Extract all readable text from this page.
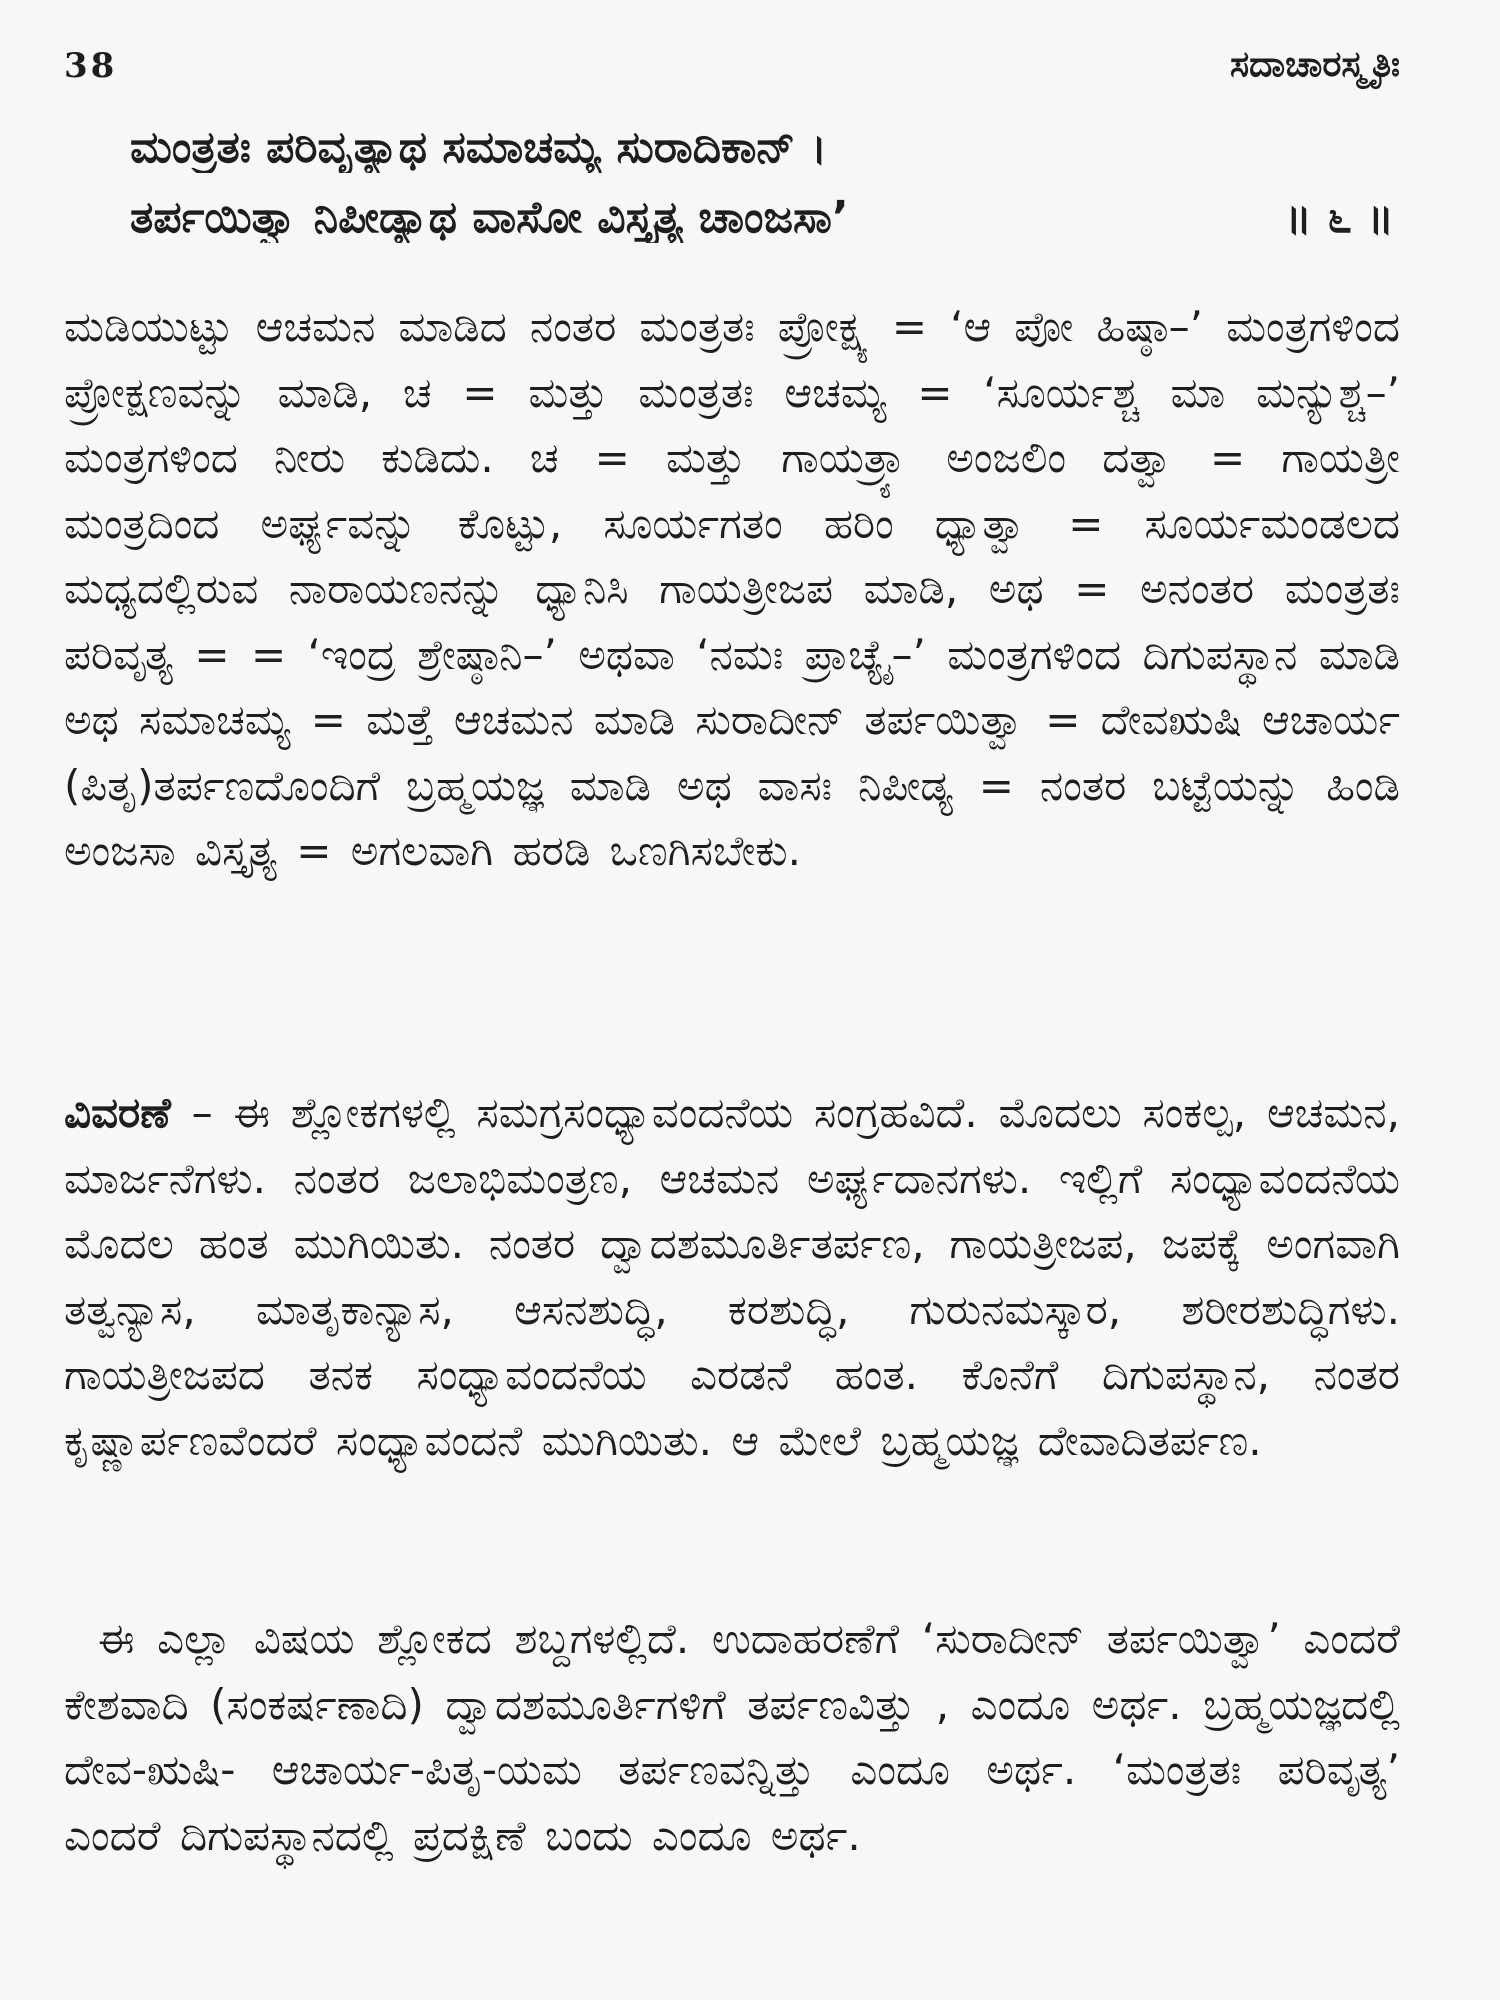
38	ಸದಾಚಾರಸ್ಮೃತಿಃ
ಮಂತ್ರತಃ ಪರಿವೃತ್ಯಾಥ ಸಮಾಚಮ್ಯ ಸುರಾದಿಕಾನ್ ।
ತರ್ಪಯಿತ್ವಾ ನಿಪೀಡ್ಯಾಥ ವಾಸೋ ವಿಸ್ತೃತ್ಯ ಚಾಂಜಸಾ’	॥ ೬ ॥
ಮಡಿಯುಟ್ಟು ಆಚಮನ ಮಾಡಿದ ನಂತರ ಮಂತ್ರತಃ ಪ್ರೋಕ್ಷ್ಯ = ‘ಆ ಪೋ ಹಿಷ್ಠಾ–’ ಮಂತ್ರಗಳಿಂದ ಪ್ರೋಕ್ಷಣವನ್ನು ಮಾಡಿ, ಚ = ಮತ್ತು ಮಂತ್ರತಃ ಆಚಮ್ಯ = ‘ಸೂರ್ಯಶ್ಚ ಮಾ ಮನ್ಯುಶ್ಚ–’ ಮಂತ್ರಗಳಿಂದ ನೀರು ಕುಡಿದು. ಚ = ಮತ್ತು ಗಾಯತ್ರ್ಯಾ ಅಂಜಲಿಂ ದತ್ವಾ = ಗಾಯತ್ರೀ ಮಂತ್ರದಿಂದ ಅರ್ಘ್ಯವನ್ನು ಕೊಟ್ಟು, ಸೂರ್ಯಗತಂ ಹರಿಂ ಧ್ಯಾತ್ವಾ = ಸೂರ್ಯಮಂಡಲದ ಮಧ್ಯದಲ್ಲಿರುವ ನಾರಾಯಣನನ್ನು ಧ್ಯಾನಿಸಿ ಗಾಯತ್ರೀಜಪ ಮಾಡಿ, ಅಥ = ಅನಂತರ ಮಂತ್ರತಃ ಪರಿವೃತ್ಯ = = ‘ಇಂದ್ರ ಶ್ರೇಷ್ಠಾನಿ–’ ಅಥವಾ ‘ನಮಃ ಪ್ರಾಚ್ಯೈ–’ ಮಂತ್ರಗಳಿಂದ ದಿಗುಪಸ್ಥಾನ ಮಾಡಿ ಅಥ ಸಮಾಚಮ್ಯ = ಮತ್ತೆ ಆಚಮನ ಮಾಡಿ ಸುರಾದೀನ್ ತರ್ಪಯಿತ್ವಾ = ದೇವಋಷಿ ಆಚಾರ್ಯ (ಪಿತೃ)ತರ್ಪಣದೊಂದಿಗೆ ಬ್ರಹ್ಮಯಜ್ಞ ಮಾಡಿ ಅಥ ವಾಸಃ ನಿಪೀಡ್ಯ = ನಂತರ ಬಟ್ಟೆಯನ್ನು ಹಿಂಡಿ ಅಂಜಸಾ ವಿಸ್ತೃತ್ಯ = ಅಗಲವಾಗಿ ಹರಡಿ ಒಣಗಿಸಬೇಕು.
ವಿವರಣೆ – ಈ ಶ್ಲೋಕಗಳಲ್ಲಿ ಸಮಗ್ರಸಂಧ್ಯಾವಂದನೆಯ ಸಂಗ್ರಹವಿದೆ. ಮೊದಲು ಸಂಕಲ್ಪ, ಆಚಮನ, ಮಾರ್ಜನೆಗಳು. ನಂತರ ಜಲಾಭಿಮಂತ್ರಣ, ಆಚಮನ ಅರ್ಘ್ಯದಾನಗಳು. ಇಲ್ಲಿಗೆ ಸಂಧ್ಯಾವಂದನೆಯ ಮೊದಲ ಹಂತ ಮುಗಿಯಿತು. ನಂತರ ದ್ವಾದಶಮೂರ್ತಿತರ್ಪಣ, ಗಾಯತ್ರೀಜಪ, ಜಪಕ್ಕೆ ಅಂಗವಾಗಿ ತತ್ವನ್ಯಾಸ, ಮಾತೃಕಾನ್ಯಾಸ, ಆಸನಶುದ್ಧಿ, ಕರಶುದ್ಧಿ, ಗುರುನಮಸ್ಕಾರ, ಶರೀರಶುದ್ಧಿಗಳು. ಗಾಯತ್ರೀಜಪದ ತನಕ ಸಂಧ್ಯಾವಂದನೆಯ ಎರಡನೆ ಹಂತ. ಕೊನೆಗೆ ದಿಗುಪಸ್ಥಾನ, ನಂತರ ಕೃಷ್ಣಾರ್ಪಣವೆಂದರೆ ಸಂಧ್ಯಾವಂದನೆ ಮುಗಿಯಿತು. ಆ ಮೇಲೆ ಬ್ರಹ್ಮಯಜ್ಞ ದೇವಾದಿತರ್ಪಣ.
ಈ ಎಲ್ಲಾ ವಿಷಯ ಶ್ಲೋಕದ ಶಬ್ದಗಳಲ್ಲಿದೆ. ಉದಾಹರಣೆಗೆ ‘ಸುರಾದೀನ್ ತರ್ಪಯಿತ್ವಾ’ ಎಂದರೆ ಕೇಶವಾದಿ (ಸಂಕರ್ಷಣಾದಿ) ದ್ವಾದಶಮೂರ್ತಿಗಳಿಗೆ ತರ್ಪಣವಿತ್ತು , ಎಂದೂ ಅರ್ಥ. ಬ್ರಹ್ಮಯಜ್ಞದಲ್ಲಿ ದೇವ-ಋಷಿ- ಆಚಾರ್ಯ-ಪಿತೃ-ಯಮ ತರ್ಪಣವನ್ನಿತ್ತು ಎಂದೂ ಅರ್ಥ. ‘ಮಂತ್ರತಃ ಪರಿವೃತ್ಯ’ ಎಂದರೆ ದಿಗುಪಸ್ಥಾನದಲ್ಲಿ ಪ್ರದಕ್ಷಿಣೆ ಬಂದು ಎಂದೂ ಅರ್ಥ.
